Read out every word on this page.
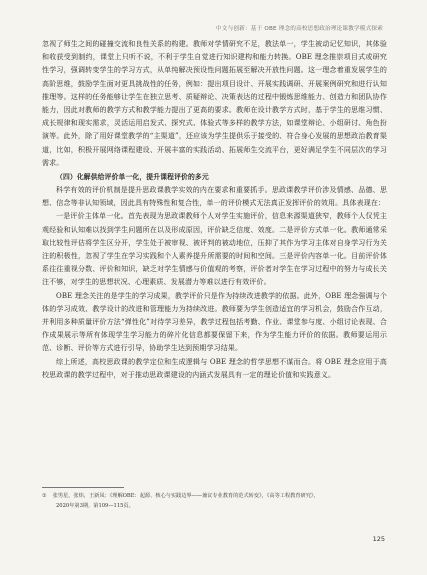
中文与创新：基于 OBE 理念的高校思想政治理论课教学模式探索

忽视了师生之间的碰撞交流和良性关系的构建。教师对学情研究不足，教法单一，学生被动记忆知识，其体验和收获受到制约，课堂上只听不说，不利于学生自觉进行知识建构和能力转换。OBE 理念推崇项目式或研究性学习，强调转变学生的学习方式，从单纯解决预设性问题拓展至解决开放性问题。这一理念着重发展学生的高阶思维，鼓励学生面对更具挑战性的任务，例如：提出项目设计、开展实践调研、开展案例研究和进行认知推理等。这样的任务能够让学生在独立思考、质疑辩论、决策表达的过程中锻炼思维能力、创造力和团队协作能力，因此对教师的教学方式和教学能力提出了更高的要求。教师在设计教学方式时，基于学生的思维习惯、成长规律和现实需求，灵活运用启发式、探究式、体验式等多样的教学方法，如课堂辩论、小组研讨、角色扮演等。此外，除了用好课堂教学的“主渠道”，还应该为学生提供乐于接受的、符合身心发展的思想政治教育渠道，比如，积极开展网络课程建设、开展丰富的实践活动、拓展师生交流平台，更好满足学生不同层次的学习需求。

（四）化解供给评价单一化，提升课程评价的多元

科学有效的评价机制是提升思政课教学实效的内在要求和重要抓手。思政课教学评价涉及情感、品德、思想、信念等非认知领域，因此具有特殊性和复合性，单一的评价模式无法真正发挥评价的效用。具体表现在：

一是评价主体单一化。首先表现为思政课教师个人对学生实施评价，信息来源渠道狭窄，教师个人仅凭主观经验和认知难以找到学生问题所在以及形成原因，评价缺乏信度、效度。二是评价方式单一化。教师通常采取比较性评估将学生区分开，学生处于被审视、被评判的被动地位，压抑了其作为学习主体对自身学习行为关注的积极性，忽视了学生在学习实践和个人素养提升所需要的时间和空间。三是评价内容单一化。目前评价体系往往重视分数、评价和知识，缺乏对学生情感与价值观的考察，评价者对学生在学习过程中的努力与成长关注不够，对学生的思想状况、心理素质、发展潜力等难以进行有效评价。

OBE 理念关注的是学生的学习成果，教学评价只是作为持续改进教学的依据。此外，OBE 理念强调与个体的学习成效、教学设计的改进和管理能力为持续改进。教师要为学生创造适宜的学习机会，鼓励合作互动，并利用多种质量评价方法“弹性化”对待学习差异，教学过程包括考勤、作业、课堂参与度、小组讨论表现、合作成果展示等所有体现学生学习能力的碎片化信息都要保留下来，作为学生能力评价的依据。教师要运用示范、诊断、评价等方式进行引导，协助学生达到预期学习结果。

综上所述，高校思政课的教学定位和生成逻辑与 OBE 理念的哲学思想不谋而合。将 OBE 理念应用于高校思政课的教学过程中，对于推动思政课建设的内涵式发展具有一定的理论价值和实践意义。

① 张男星，张炜，王新凤：《理解OBE：起源、核心与实践边界——兼议专业教育的范式转变》，《高等工程教育研究》，
2020年第3期，第109—115页。
125
